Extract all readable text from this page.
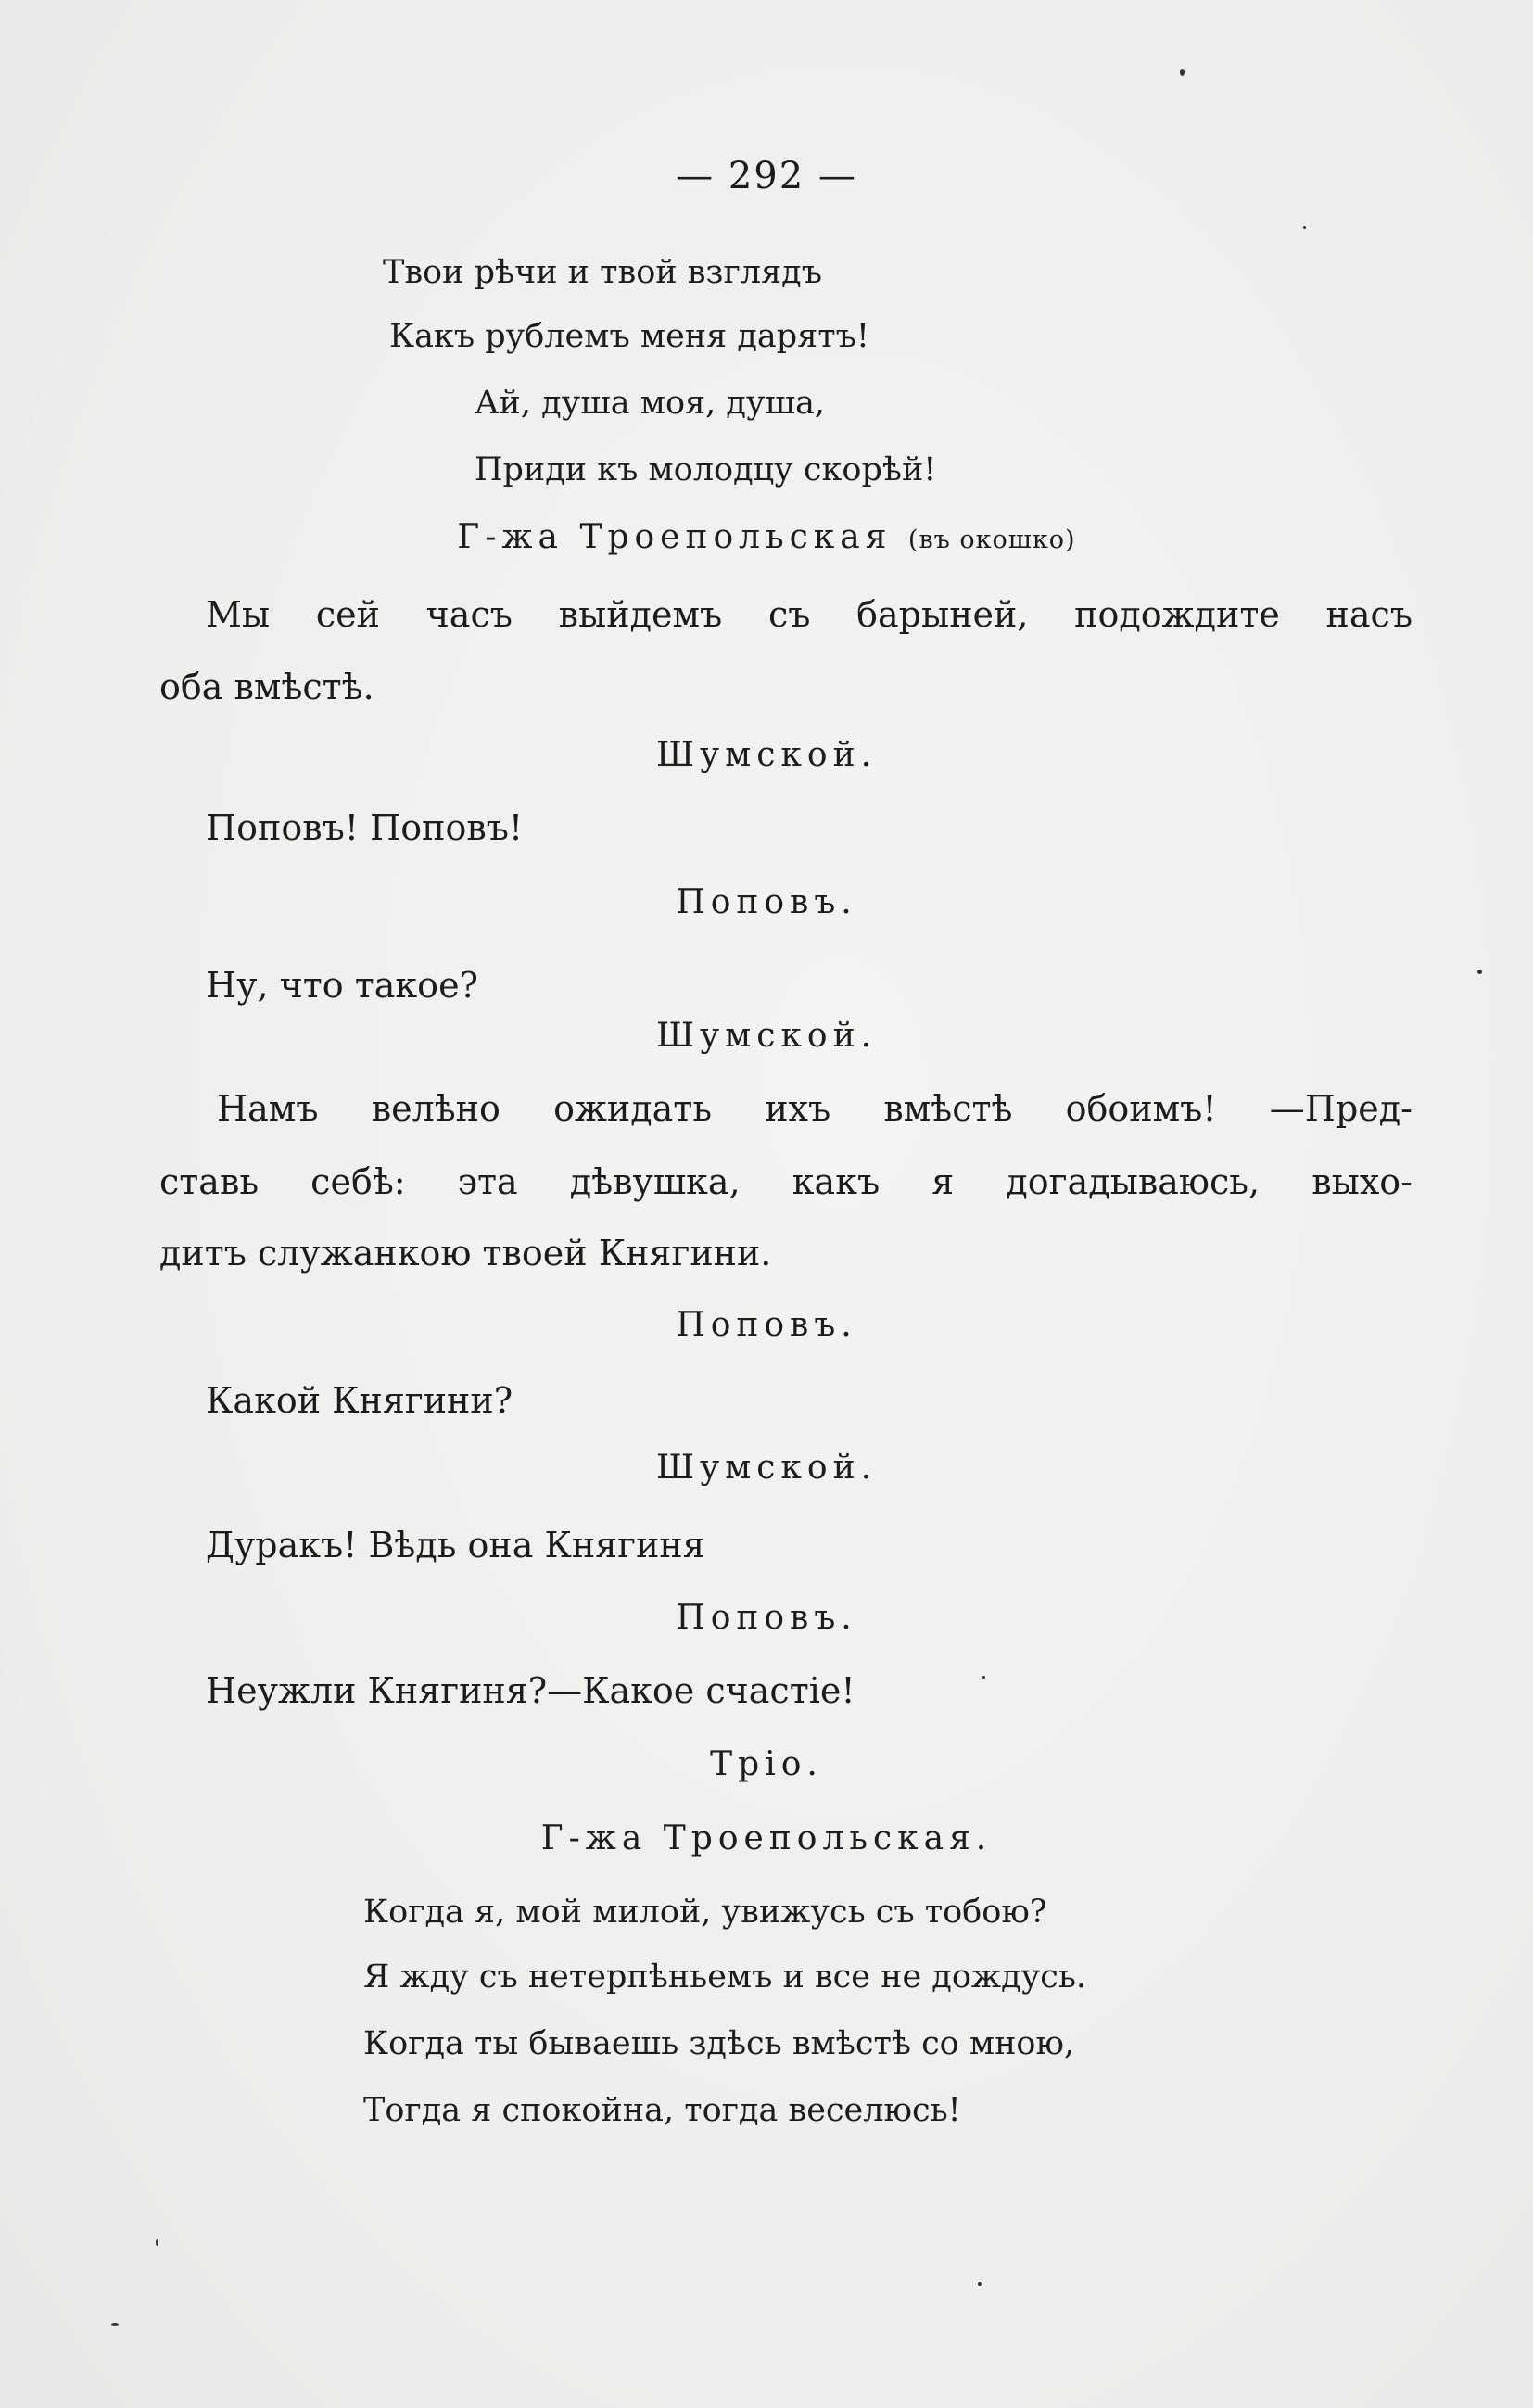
— 292 —
Твои рѣчи и твой взглядъ
Какъ рублемъ меня дарятъ!
Ай, душа моя, душа,
Приди къ молодцу скорѣй!
Г-жа Троепольская (въ окошко)
Мы сей часъ выйдемъ съ барыней, подождите насъ
оба вмѣстѣ.
Шумской.
Поповъ! Поповъ!
Поповъ.
Ну, что такое?
Шумской.
Намъ велѣно ожидать ихъ вмѣстѣ обоимъ! —Пред-
ставь себѣ: эта дѣвушка, какъ я догадываюсь, выхо-
дитъ служанкою твоей Княгини.
Поповъ.
Какой Княгини?
Шумской.
Дуракъ! Вѣдь она Княгиня
Поповъ.
Неужли Княгиня?—Какое счастіе!
Тріо.
Г-жа Троепольская.
Когда я, мой милой, увижусь съ тобою?
Я жду съ нетерпѣньемъ и все не дождусь.
Когда ты бываешь здѣсь вмѣстѣ со мною,
Тогда я спокойна, тогда веселюсь!
